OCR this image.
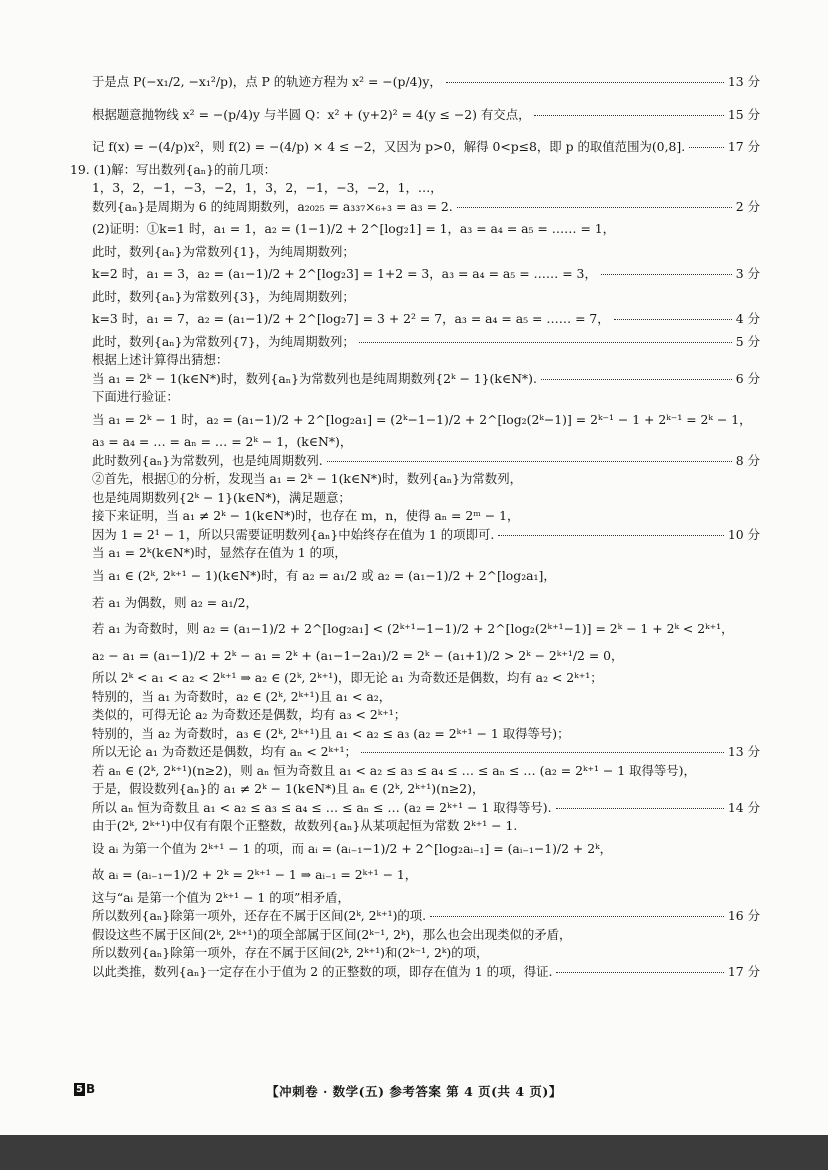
于是点 P(−x₁/2, −x₁²/p)，点 P 的轨迹方程为 x² = −(p/4)y，	13 分
根据题意抛物线 x² = −(p/4)y 与半圆 Q：x² + (y+2)² = 4(y ≤ −2) 有交点，	15 分
记 f(x) = −(4/p)x²，则 f(2) = −(4/p) × 4 ≤ −2，又因为 p>0，解得 0<p≤8，即 p 的取值范围为(0,8].	17 分
19. (1)解：写出数列{aₙ}的前几项：
1，3，2，−1，−3，−2，1，3，2，−1，−3，−2，1，…，
数列{aₙ}是周期为 6 的纯周期数列，a₂₀₂₅ = a₃₃₇×₆₊₃ = a₃ = 2.	2 分
(2)证明：①k=1 时，a₁ = 1，a₂ = (1−1)/2 + 2^[log₂1] = 1，a₃ = a₄ = a₅ = …… = 1，
此时，数列{aₙ}为常数列{1}，为纯周期数列；
k=2 时，a₁ = 3，a₂ = (a₁−1)/2 + 2^[log₂3] = 1+2 = 3，a₃ = a₄ = a₅ = …… = 3，	3 分
此时，数列{aₙ}为常数列{3}，为纯周期数列；
k=3 时，a₁ = 7，a₂ = (a₁−1)/2 + 2^[log₂7] = 3 + 2² = 7，a₃ = a₄ = a₅ = …… = 7，	4 分
此时，数列{aₙ}为常数列{7}，为纯周期数列；	5 分
根据上述计算得出猜想：
当 a₁ = 2ᵏ − 1(k∈N*)时，数列{aₙ}为常数列也是纯周期数列{2ᵏ − 1}(k∈N*).	6 分
下面进行验证：
当 a₁ = 2ᵏ − 1 时，a₂ = (a₁−1)/2 + 2^[log₂a₁] = (2ᵏ−1−1)/2 + 2^[log₂(2ᵏ−1)] = 2ᵏ⁻¹ − 1 + 2ᵏ⁻¹ = 2ᵏ − 1，
a₃ = a₄ = … = aₙ = … = 2ᵏ − 1，(k∈N*)，
此时数列{aₙ}为常数列，也是纯周期数列.	8 分
②首先，根据①的分析，发现当 a₁ = 2ᵏ − 1(k∈N*)时，数列{aₙ}为常数列，
也是纯周期数列{2ᵏ − 1}(k∈N*)，满足题意；
接下来证明，当 a₁ ≠ 2ᵏ − 1(k∈N*)时，也存在 m，n，使得 aₙ = 2ᵐ − 1，
因为 1 = 2¹ − 1，所以只需要证明数列{aₙ}中始终存在值为 1 的项即可.	10 分
当 a₁ = 2ᵏ(k∈N*)时，显然存在值为 1 的项，
当 a₁ ∈ (2ᵏ, 2ᵏ⁺¹ − 1)(k∈N*)时，有 a₂ = a₁/2 或 a₂ = (a₁−1)/2 + 2^[log₂a₁]，
若 a₁ 为偶数，则 a₂ = a₁/2，
若 a₁ 为奇数时，则 a₂ = (a₁−1)/2 + 2^[log₂a₁] < (2ᵏ⁺¹−1−1)/2 + 2^[log₂(2ᵏ⁺¹−1)] = 2ᵏ − 1 + 2ᵏ < 2ᵏ⁺¹，
a₂ − a₁ = (a₁−1)/2 + 2ᵏ − a₁ = 2ᵏ + (a₁−1−2a₁)/2 = 2ᵏ − (a₁+1)/2 > 2ᵏ − 2ᵏ⁺¹/2 = 0，
所以 2ᵏ < a₁ < a₂ < 2ᵏ⁺¹ ⇒ a₂ ∈ (2ᵏ, 2ᵏ⁺¹)，即无论 a₁ 为奇数还是偶数，均有 a₂ < 2ᵏ⁺¹；
特别的，当 a₁ 为奇数时，a₂ ∈ (2ᵏ, 2ᵏ⁺¹)且 a₁ < a₂，
类似的，可得无论 a₂ 为奇数还是偶数，均有 a₃ < 2ᵏ⁺¹；
特别的，当 a₂ 为奇数时，a₃ ∈ (2ᵏ, 2ᵏ⁺¹)且 a₁ < a₂ ≤ a₃ (a₂ = 2ᵏ⁺¹ − 1 取得等号)；
所以无论 a₁ 为奇数还是偶数，均有 aₙ < 2ᵏ⁺¹；	13 分
若 aₙ ∈ (2ᵏ, 2ᵏ⁺¹)(n≥2)，则 aₙ 恒为奇数且 a₁ < a₂ ≤ a₃ ≤ a₄ ≤ … ≤ aₙ ≤ … (a₂ = 2ᵏ⁺¹ − 1 取得等号)，
于是，假设数列{aₙ}的 a₁ ≠ 2ᵏ − 1(k∈N*)且 aₙ ∈ (2ᵏ, 2ᵏ⁺¹)(n≥2)，
所以 aₙ 恒为奇数且 a₁ < a₂ ≤ a₃ ≤ a₄ ≤ … ≤ aₙ ≤ … (a₂ = 2ᵏ⁺¹ − 1 取得等号).	14 分
由于(2ᵏ, 2ᵏ⁺¹)中仅有有限个正整数，故数列{aₙ}从某项起恒为常数 2ᵏ⁺¹ − 1.
设 aᵢ 为第一个值为 2ᵏ⁺¹ − 1 的项，而 aᵢ = (aᵢ₋₁−1)/2 + 2^[log₂aᵢ₋₁] = (aᵢ₋₁−1)/2 + 2ᵏ，
故 aᵢ = (aᵢ₋₁−1)/2 + 2ᵏ = 2ᵏ⁺¹ − 1 ⇒ aᵢ₋₁ = 2ᵏ⁺¹ − 1，
这与“aᵢ 是第一个值为 2ᵏ⁺¹ − 1 的项”相矛盾，
所以数列{aₙ}除第一项外，还存在不属于区间(2ᵏ, 2ᵏ⁺¹)的项.	16 分
假设这些不属于区间(2ᵏ, 2ᵏ⁺¹)的项全部属于区间(2ᵏ⁻¹, 2ᵏ)，那么也会出现类似的矛盾，
所以数列{aₙ}除第一项外，存在不属于区间(2ᵏ, 2ᵏ⁺¹)和(2ᵏ⁻¹, 2ᵏ)的项，
以此类推，数列{aₙ}一定存在小于值为 2 的正整数的项，即存在值为 1 的项，得证.	17 分
5 B	【冲刺卷 · 数学(五) 参考答案 第 4 页(共 4 页)】
